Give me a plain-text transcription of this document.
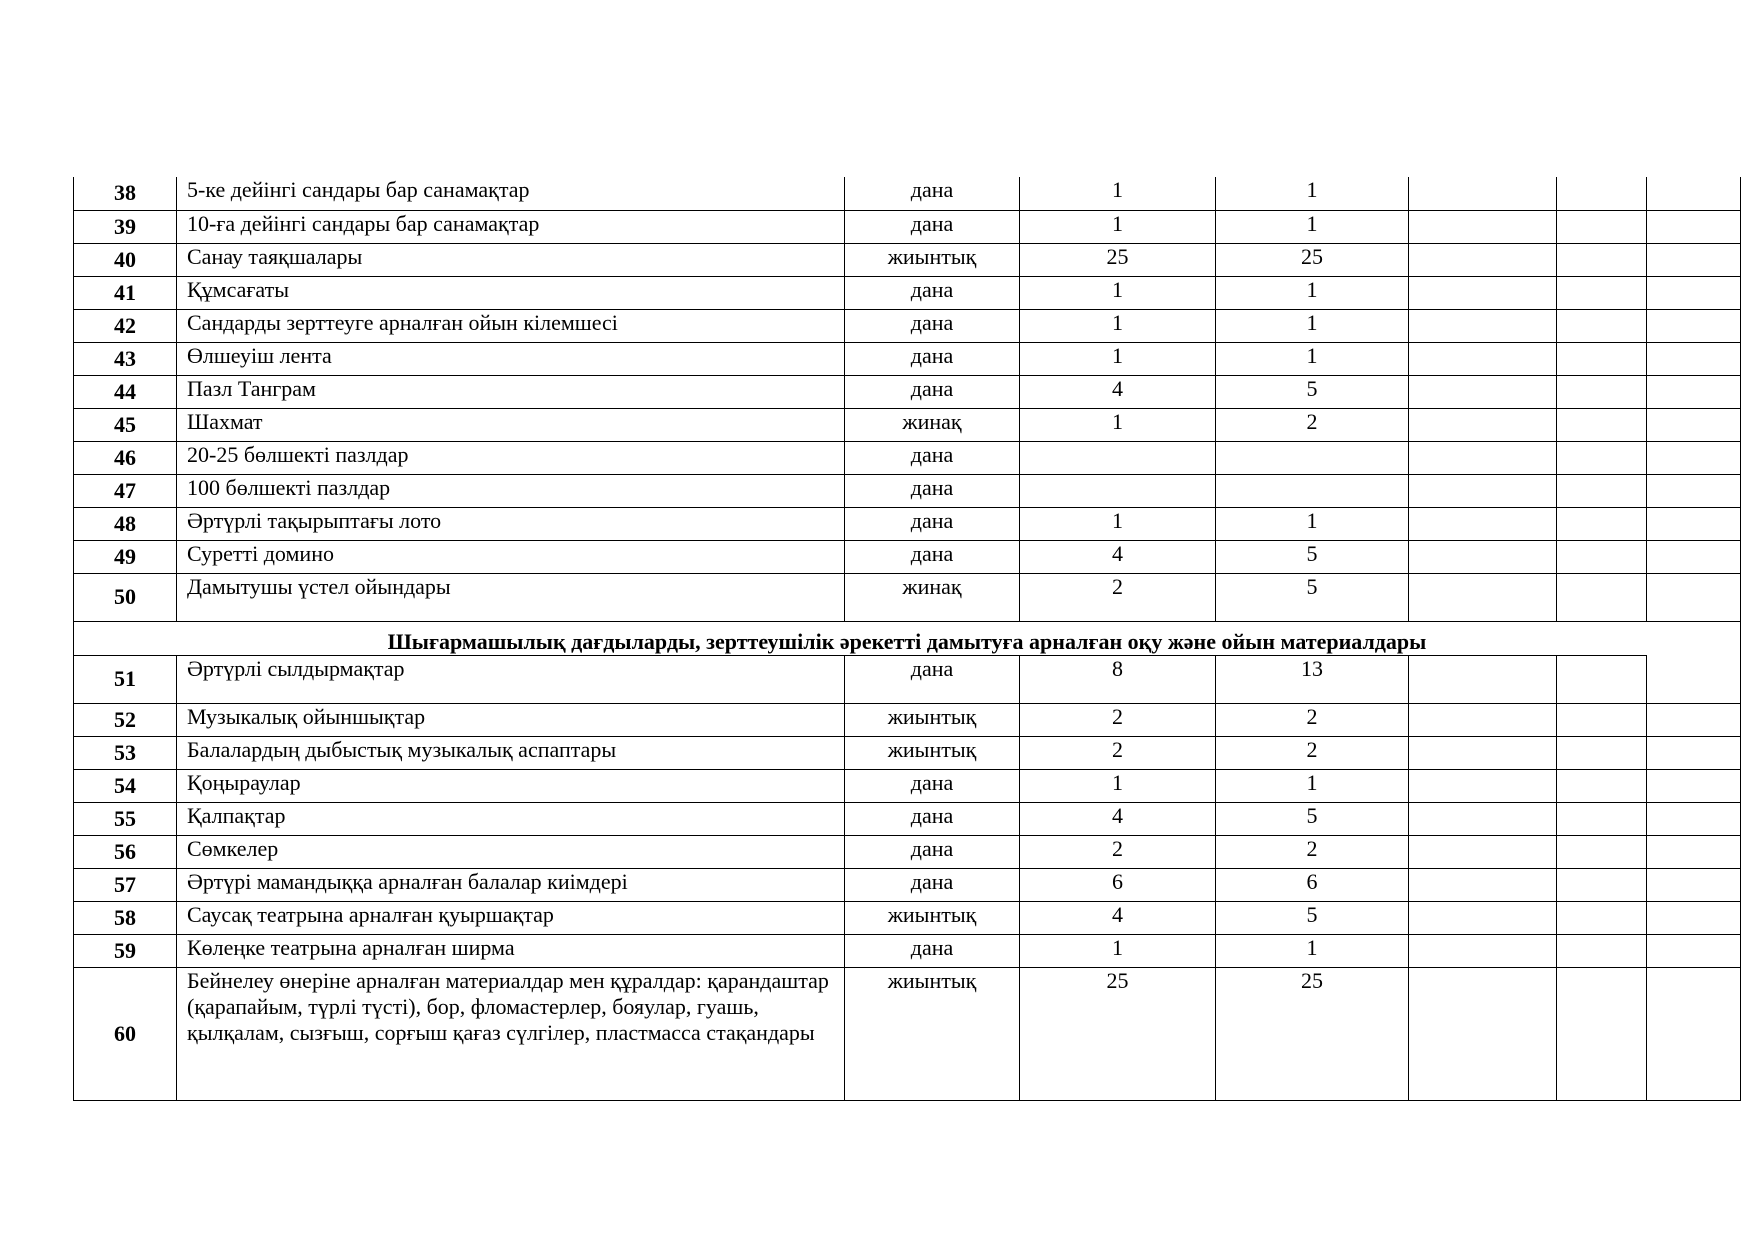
38	5-ке дейінгі сандары бар санамақтар	дана	1	1			
39	10-ға дейінгі сандары бар санамақтар	дана	1	1			
40	Санау таяқшалары	жиынтық	25	25			
41	Құмсағаты	дана	1	1			
42	Сандарды зерттеуге арналған ойын кілемшесі	дана	1	1			
43	Өлшеуіш лента	дана	1	1			
44	Пазл Танграм	дана	4	5			
45	Шахмат	жинақ	1	2			
46	20-25 бөлшекті пазлдар	дана					
47	100 бөлшекті пазлдар	дана					
48	Әртүрлі тақырыптағы лото	дана	1	1			
49	Суретті домино	дана	4	5			
50	Дамытушы үстел ойындары	жинақ	2	5			
Шығармашылық дағдыларды, зерттеушілік әрекетті дамытуға арналған оқу және ойын материалдары							
51	Әртүрлі сылдырмақтар	дана	8	13			
52	Музыкалық ойыншықтар	жиынтық	2	2			
53	Балалардың дыбыстық музыкалық аспаптары	жиынтық	2	2			
54	Қоңыраулар	дана	1	1			
55	Қалпақтар	дана	4	5			
56	Сөмкелер	дана	2	2			
57	Әртүрі мамандыққа арналған балалар киімдері	дана	6	6			
58	Саусақ театрына арналған қуыршақтар	жиынтық	4	5			
59	Көлеңке театрына арналған ширма	дана	1	1			
60	Бейнелеу өнеріне арналған материалдар мен құралдар: қарандаштар (қарапайым, түрлі түсті), бор, фломастерлер, бояулар, гуашь, қылқалам, сызғыш, сорғыш қағаз сүлгілер, пластмасса стақандары	жиынтық	25	25			
